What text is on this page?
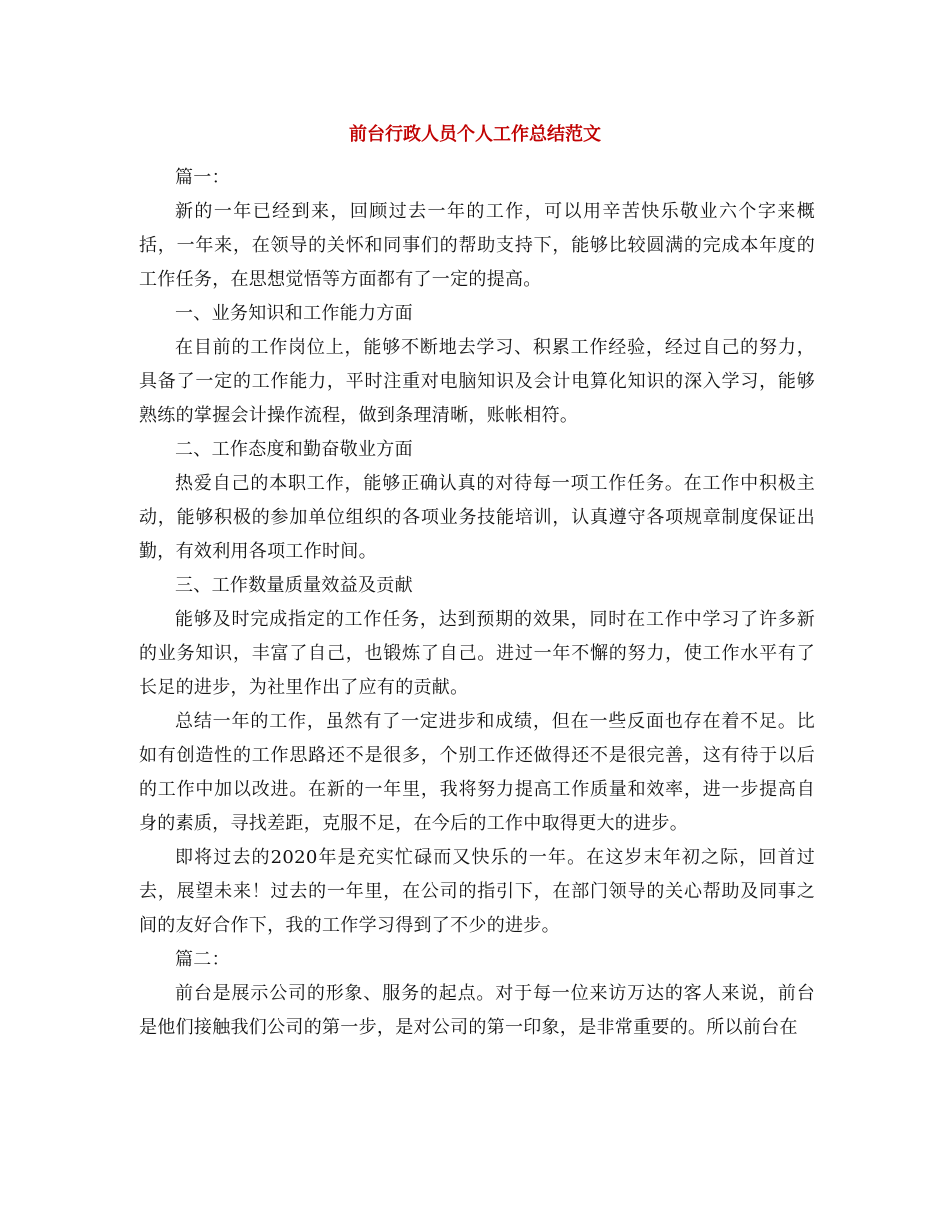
前台行政人员个人工作总结范文

篇一：

新的一年已经到来，回顾过去一年的工作，可以用辛苦快乐敬业六个字来概括，一年来，在领导的关怀和同事们的帮助支持下，能够比较圆满的完成本年度的工作任务，在思想觉悟等方面都有了一定的提高。

一、业务知识和工作能力方面

在目前的工作岗位上，能够不断地去学习、积累工作经验，经过自己的努力，具备了一定的工作能力，平时注重对电脑知识及会计电算化知识的深入学习，能够熟练的掌握会计操作流程，做到条理清晰，账帐相符。

二、工作态度和勤奋敬业方面

热爱自己的本职工作，能够正确认真的对待每一项工作任务。在工作中积极主动，能够积极的参加单位组织的各项业务技能培训，认真遵守各项规章制度保证出勤，有效利用各项工作时间。

三、工作数量质量效益及贡献

能够及时完成指定的工作任务，达到预期的效果，同时在工作中学习了许多新的业务知识，丰富了自己，也锻炼了自己。进过一年不懈的努力，使工作水平有了长足的进步，为社里作出了应有的贡献。

总结一年的工作，虽然有了一定进步和成绩，但在一些反面也存在着不足。比如有创造性的工作思路还不是很多，个别工作还做得还不是很完善，这有待于以后的工作中加以改进。在新的一年里，我将努力提高工作质量和效率，进一步提高自身的素质，寻找差距，克服不足，在今后的工作中取得更大的进步。

即将过去的2020年是充实忙碌而又快乐的一年。在这岁末年初之际，回首过去，展望未来！过去的一年里，在公司的指引下，在部门领导的关心帮助及同事之间的友好合作下，我的工作学习得到了不少的进步。

篇二：

前台是展示公司的形象、服务的起点。对于每一位来访万达的客人来说，前台是他们接触我们公司的第一步，是对公司的第一印象，是非常重要的。所以前台在
